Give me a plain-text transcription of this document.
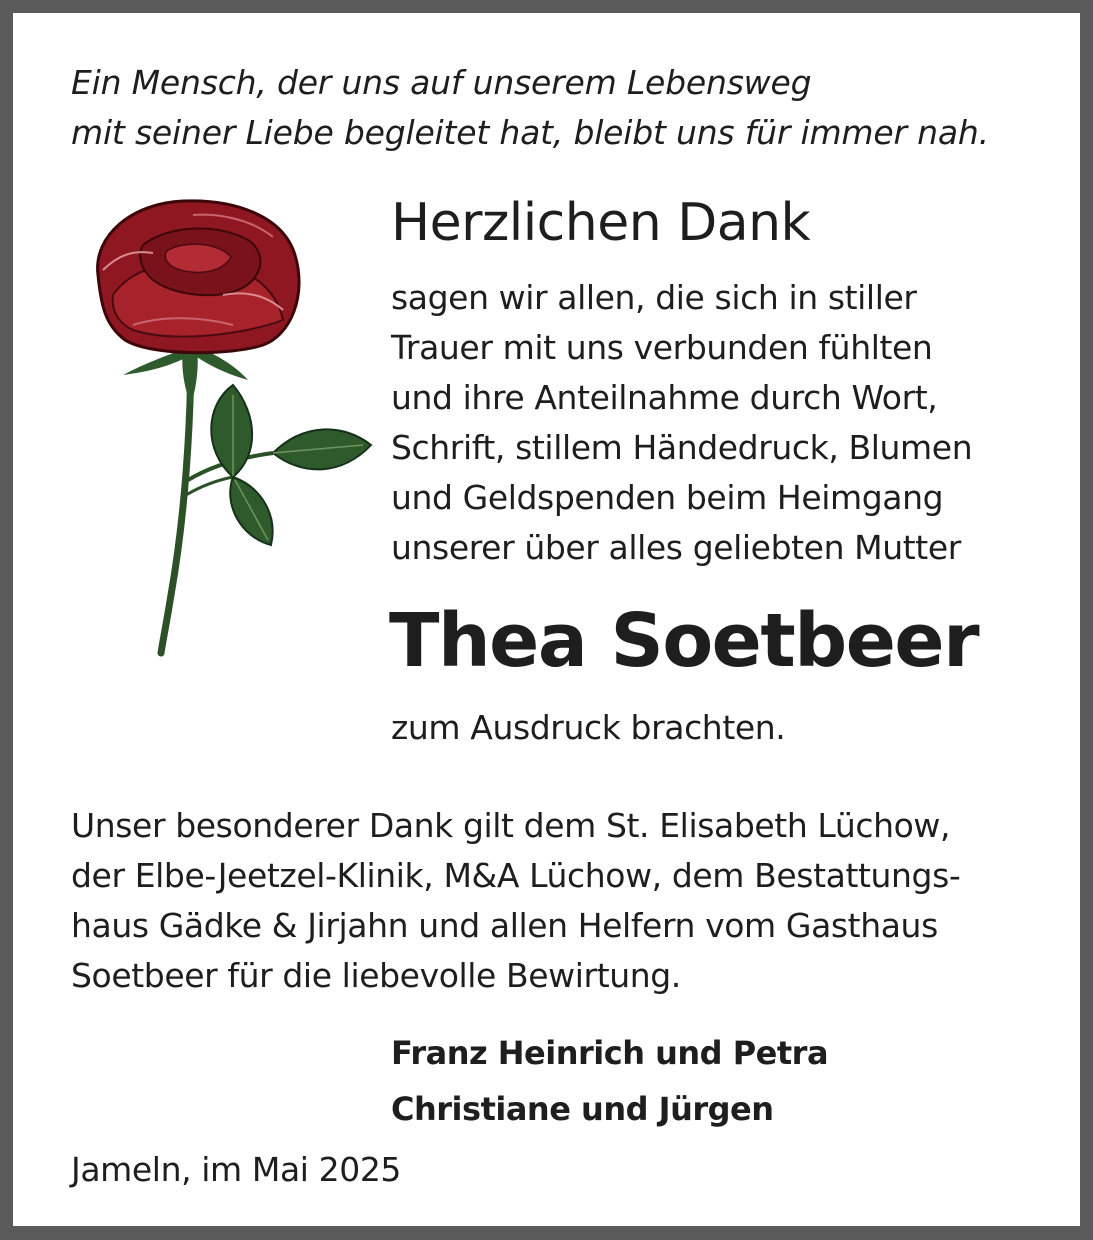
Ein Mensch, der uns auf unserem Lebensweg
mit seiner Liebe begleitet hat, bleibt uns für immer nah.
Herzlichen Dank
sagen wir allen, die sich in stiller
Trauer mit uns verbunden fühlten
und ihre Anteilnahme durch Wort,
Schrift, stillem Händedruck, Blumen
und Geldspenden beim Heimgang
unserer über alles geliebten Mutter
Thea Soetbeer
zum Ausdruck brachten.
Unser besonderer Dank gilt dem St. Elisabeth Lüchow,
der Elbe-Jeetzel-Klinik, M&A Lüchow, dem Bestattungs-
haus Gädke & Jirjahn und allen Helfern vom Gasthaus
Soetbeer für die liebevolle Bewirtung.
Franz Heinrich und Petra
Christiane und Jürgen
Jameln, im Mai 2025
